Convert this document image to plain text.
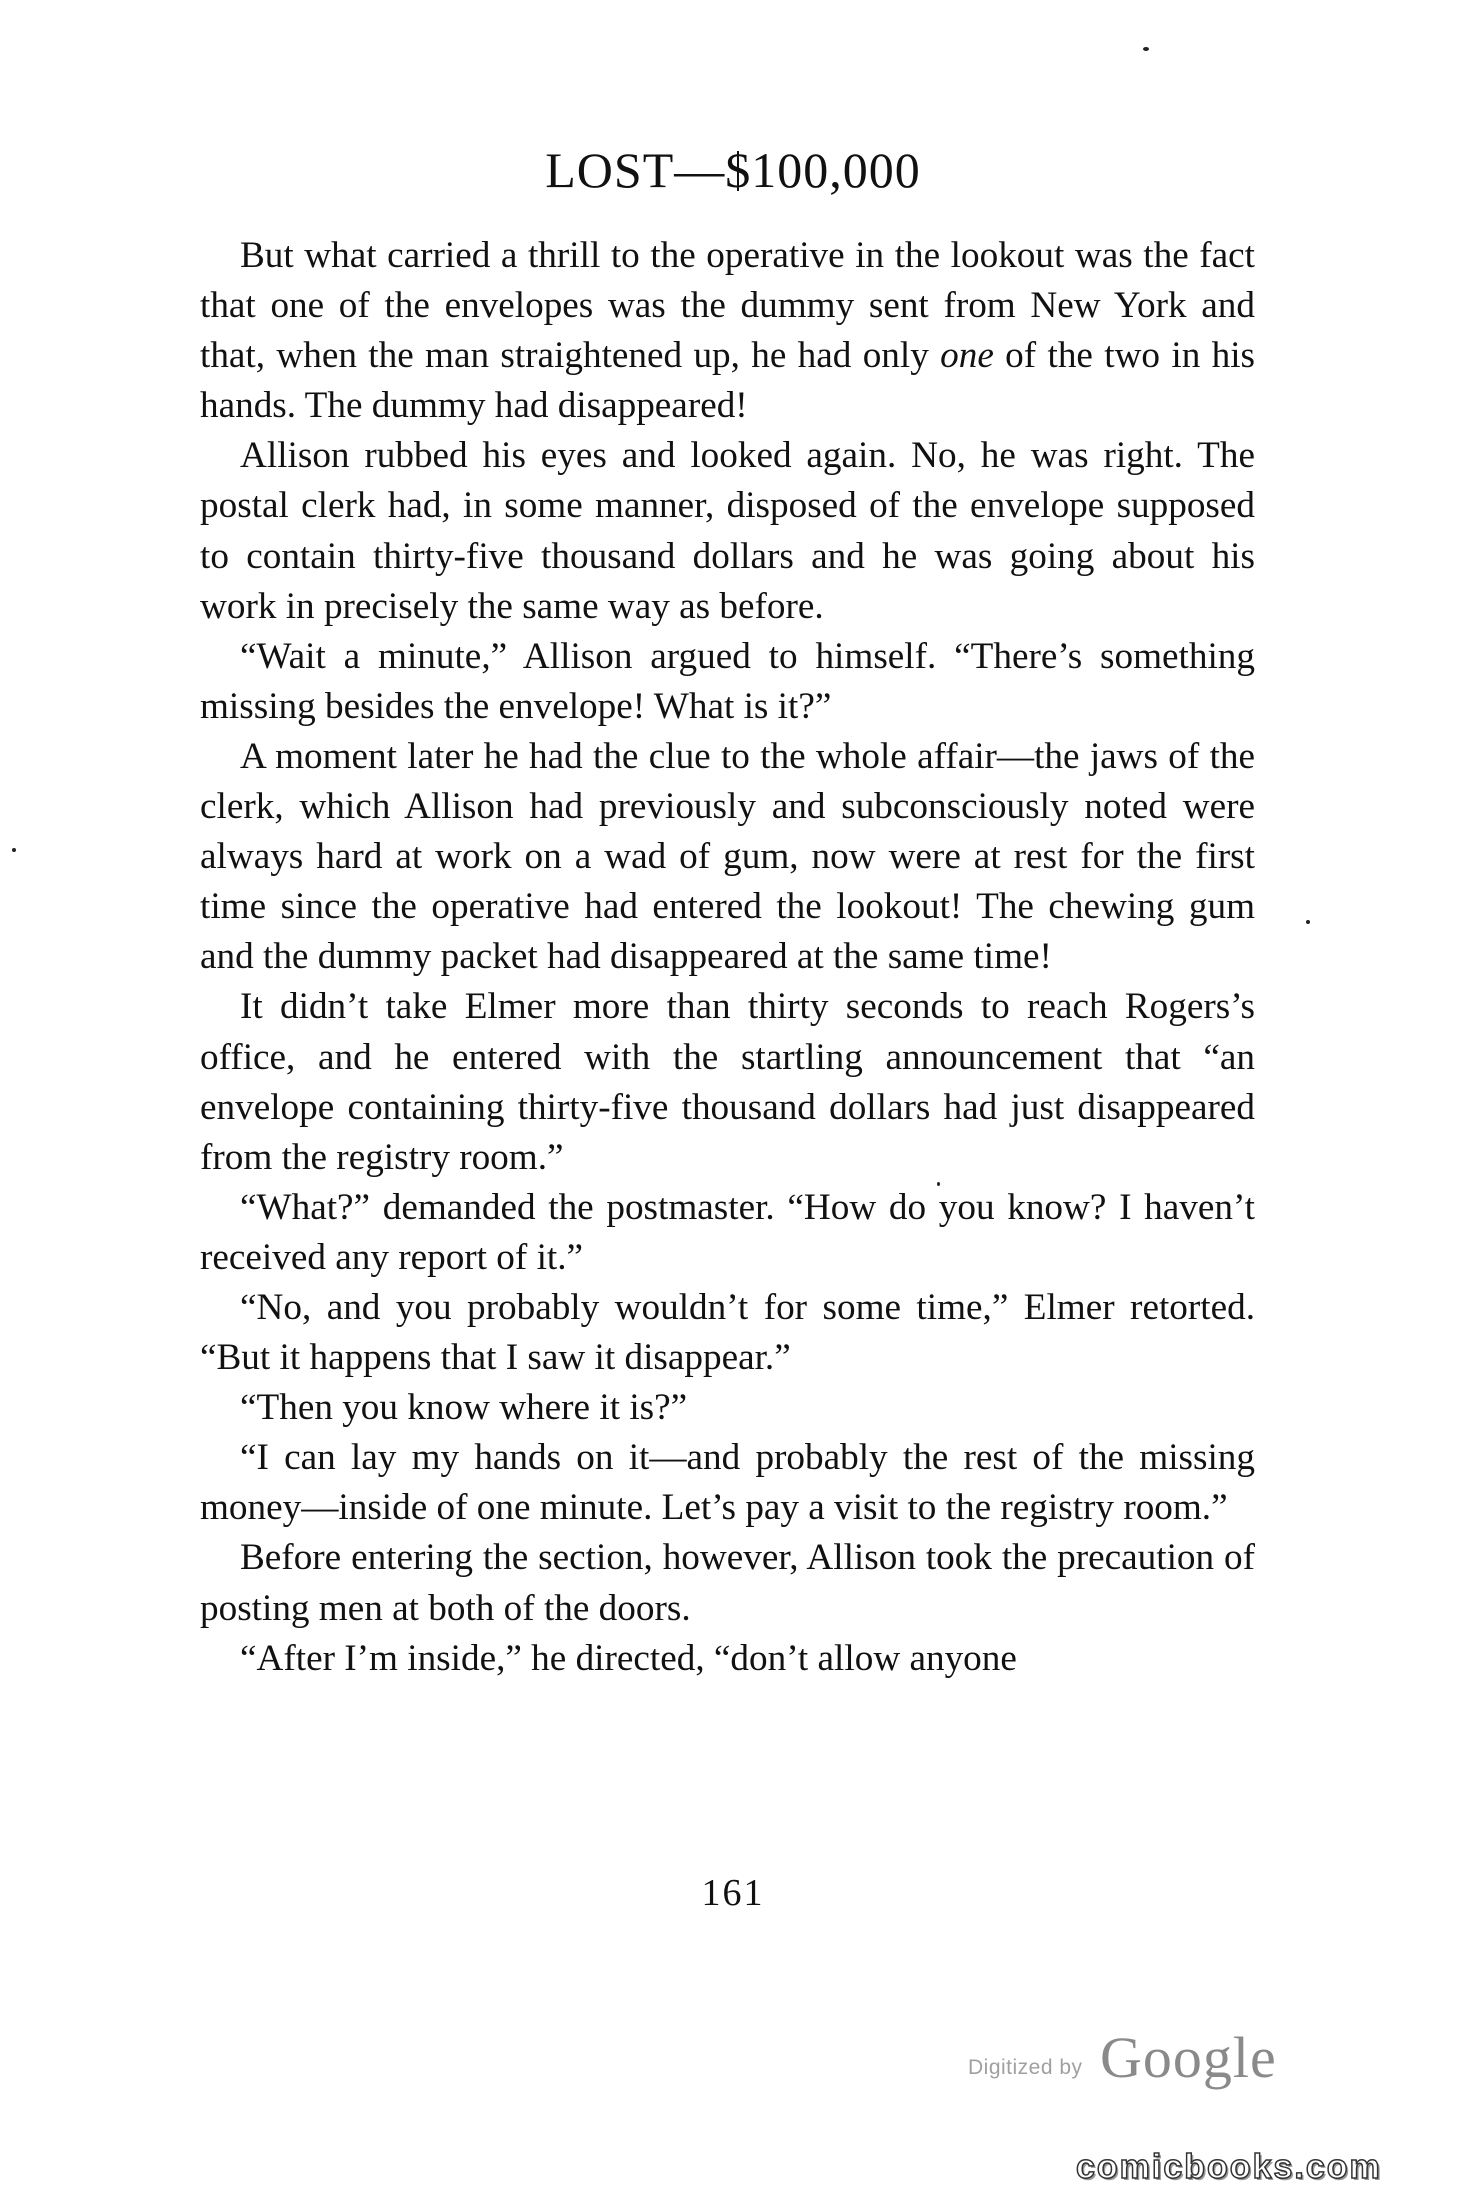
LOST—$100,000

But what carried a thrill to the operative in the lookout was the fact that one of the envelopes was the dummy sent from New York and that, when the man straightened up, he had only one of the two in his hands. The dummy had disappeared!

Allison rubbed his eyes and looked again. No, he was right. The postal clerk had, in some manner, disposed of the envelope supposed to contain thirty-five thousand dollars and he was going about his work in precisely the same way as before.

“Wait a minute,” Allison argued to himself. “There’s something missing besides the envelope! What is it?”

A moment later he had the clue to the whole affair—the jaws of the clerk, which Allison had previously and subconsciously noted were always hard at work on a wad of gum, now were at rest for the first time since the operative had entered the lookout! The chewing gum and the dummy packet had disappeared at the same time!

It didn’t take Elmer more than thirty seconds to reach Rogers’s office, and he entered with the startling announcement that “an envelope containing thirty-five thousand dollars had just disappeared from the registry room.”

“What?” demanded the postmaster. “How do you know? I haven’t received any report of it.”

“No, and you probably wouldn’t for some time,” Elmer retorted. “But it happens that I saw it disappear.”

“Then you know where it is?”

“I can lay my hands on it—and probably the rest of the missing money—inside of one minute. Let’s pay a visit to the registry room.”

Before entering the section, however, Allison took the precaution of posting men at both of the doors.

“After I’m inside,” he directed, “don’t allow anyone

161
Digitized by Google
comicbooks.com
